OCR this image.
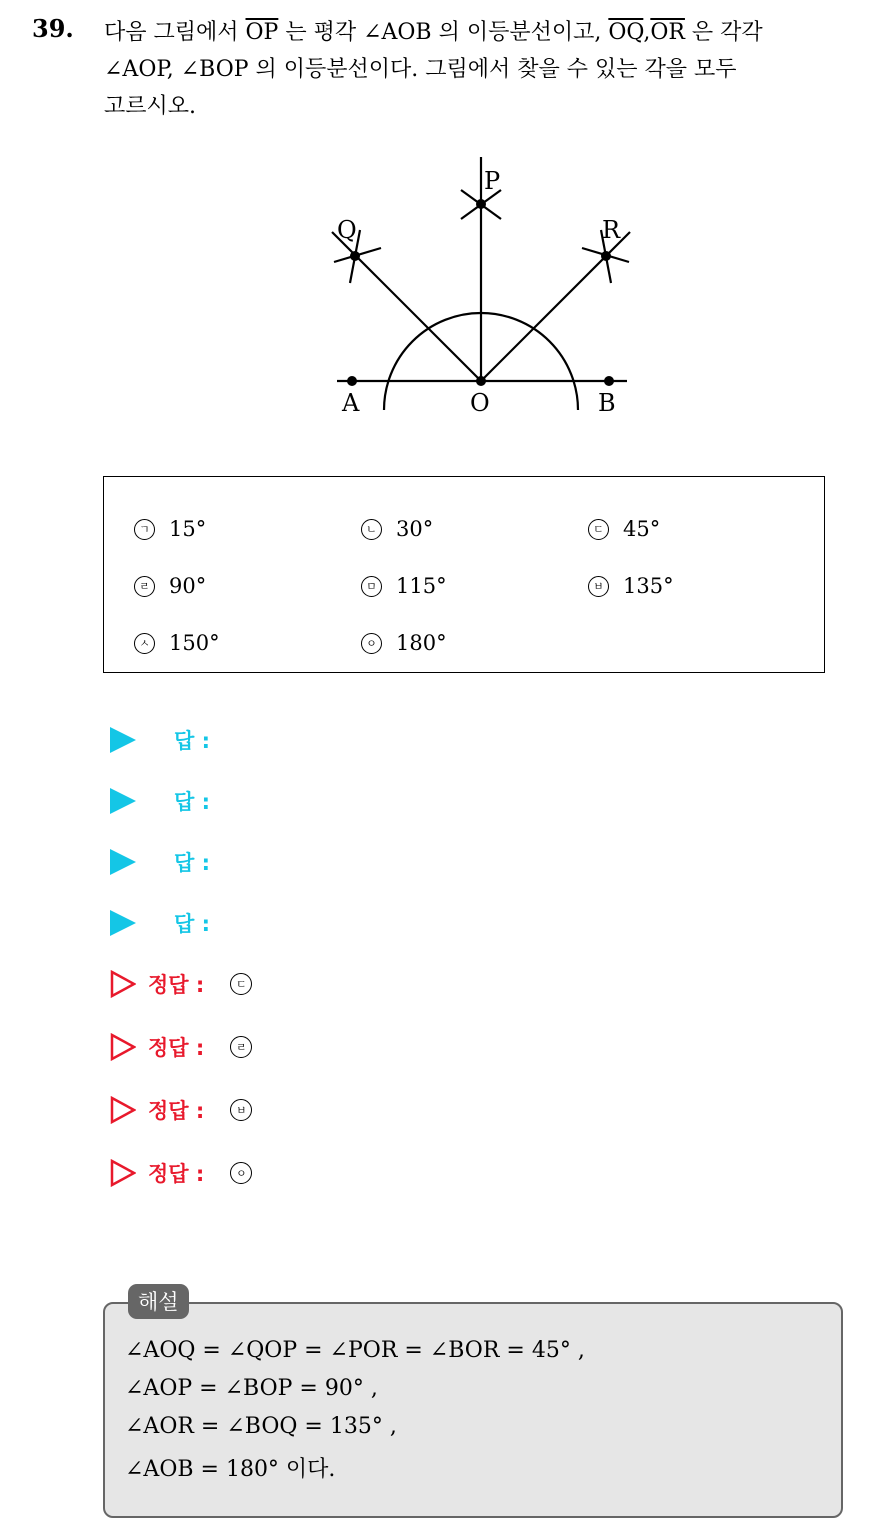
39. 다음 그림에서 $\overline{OP}$ 는 평각 ∠AOB 의 이등분선이고, $\overline{OQ},\overline{OR}$ 은 각각
∠AOP, ∠BOP 의 이등분선이다. 그림에서 찾을 수 있는 각을 모두
고르시오.
P
Q	R
A	O	B
ㄱ 15°	ㄴ 30°	ㄷ 45°
ㄹ 90°	ㅁ 115°	ㅂ 135°
ㅅ 150°	ㅇ 180°
답 :
답 :
답 :
답 :
정답 :	ㄷ
정답 :	ㄹ
정답 :	ㅂ
정답 :	ㅇ
해설
∠AOQ = ∠QOP = ∠POR = ∠BOR = 45° ,
∠AOP = ∠BOP = 90° ,
∠AOR = ∠BOQ = 135° ,
∠AOB = 180° 이다.
